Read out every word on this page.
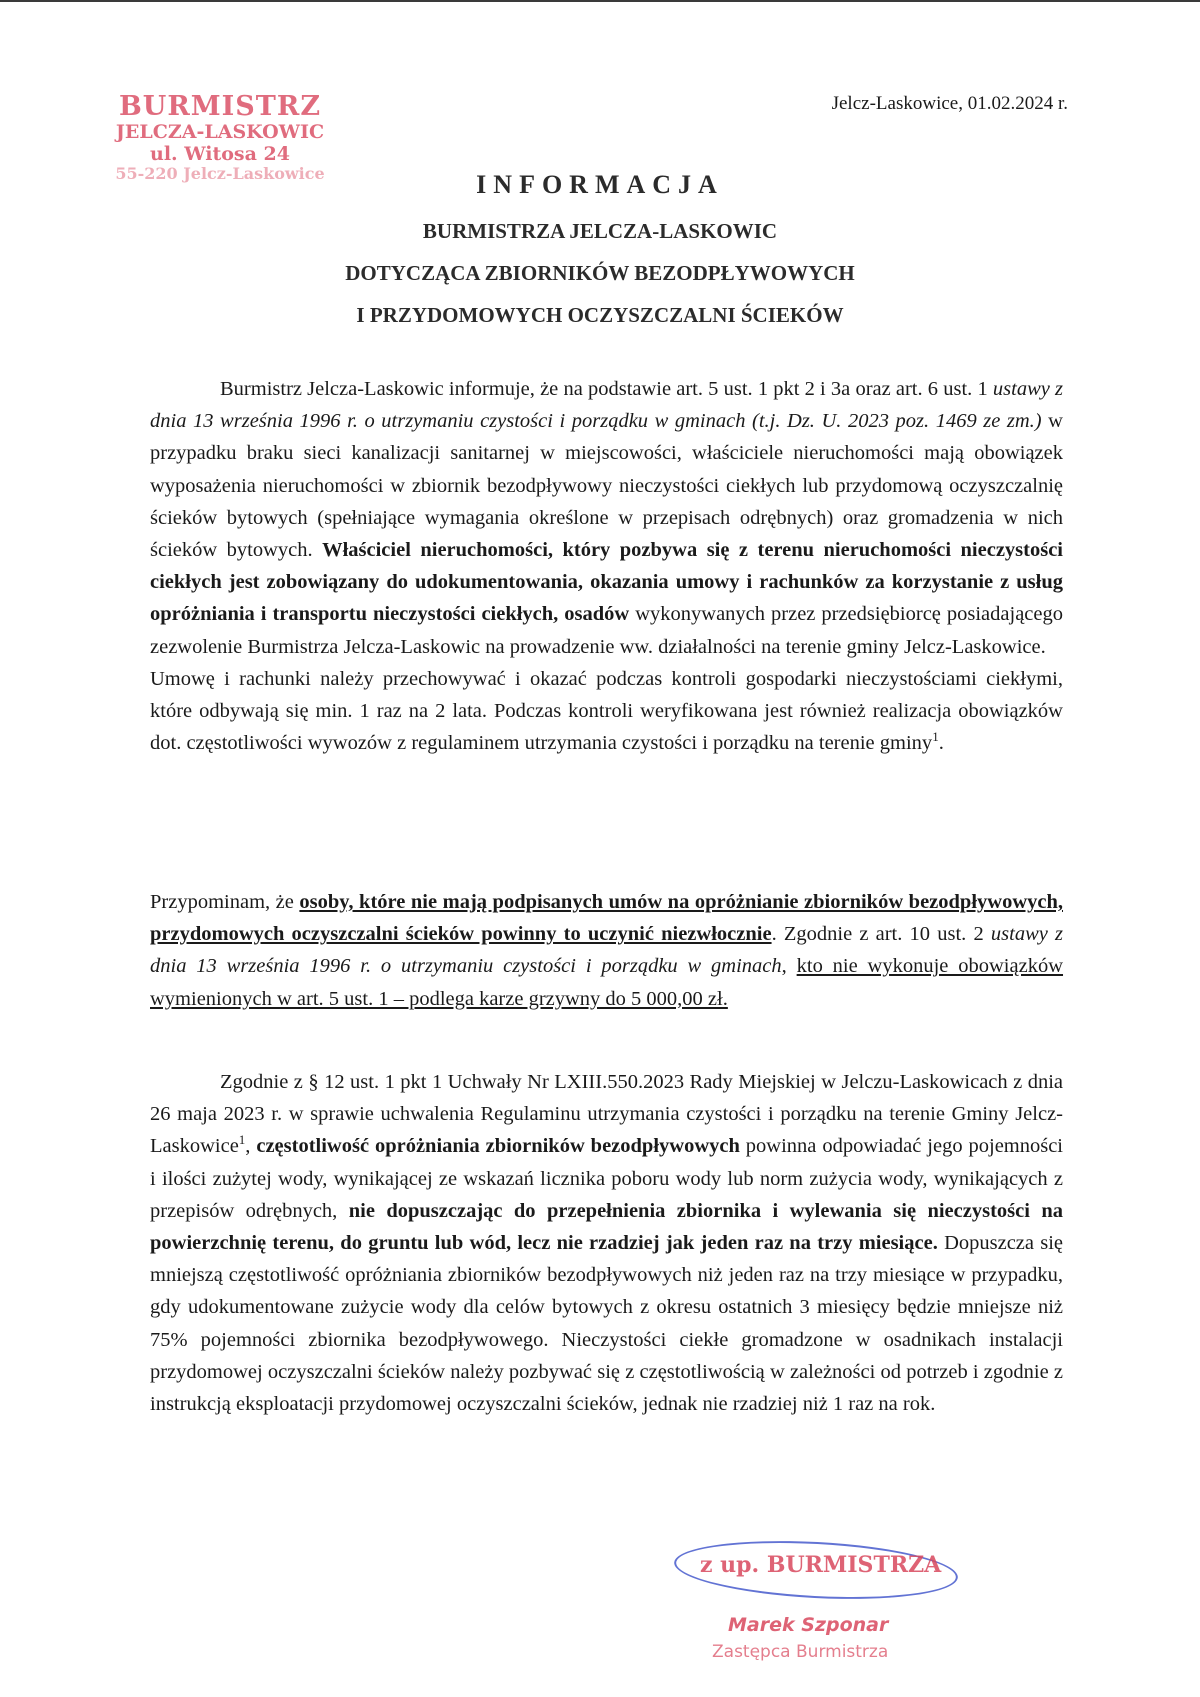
BURMISTRZ
JELCZA-LASKOWIC
ul. Witosa 24
55-220 Jelcz-Laskowice
Jelcz-Laskowice, 01.02.2024 r.
INFORMACJA
BURMISTRZA JELCZA-LASKOWIC
DOTYCZĄCA ZBIORNIKÓW BEZODPŁYWOWYCH
I PRZYDOMOWYCH OCZYSZCZALNI ŚCIEKÓW
Burmistrz Jelcza-Laskowic informuje, że na podstawie art. 5 ust. 1 pkt 2 i 3a oraz art. 6 ust. 1 ustawy z dnia 13 września 1996 r. o utrzymaniu czystości i porządku w gminach (t.j. Dz. U. 2023 poz. 1469 ze zm.) w przypadku braku sieci kanalizacji sanitarnej w miejscowości, właściciele nieruchomości mają obowiązek wyposażenia nieruchomości w zbiornik bezodpływowy nieczystości ciekłych lub przydomową oczyszczalnię ścieków bytowych (spełniające wymagania określone w przepisach odrębnych) oraz gromadzenia w nich ścieków bytowych. Właściciel nieruchomości, który pozbywa się z terenu nieruchomości nieczystości ciekłych jest zobowiązany do udokumentowania, okazania umowy i rachunków za korzystanie z usług opróżniania i transportu nieczystości ciekłych, osadów wykonywanych przez przedsiębiorcę posiadającego zezwolenie Burmistrza Jelcza-Laskowic na prowadzenie ww. działalności na terenie gminy Jelcz-Laskowice.
Umowę i rachunki należy przechowywać i okazać podczas kontroli gospodarki nieczystościami ciekłymi, które odbywają się min. 1 raz na 2 lata. Podczas kontroli weryfikowana jest również realizacja obowiązków dot. częstotliwości wywozów z regulaminem utrzymania czystości i porządku na terenie gminy$^1$.
Przypominam, że osoby, które nie mają podpisanych umów na opróżnianie zbiorników bezodpływowych, przydomowych oczyszczalni ścieków powinny to uczynić niezwłocznie. Zgodnie z art. 10 ust. 2 ustawy z dnia 13 września 1996 r. o utrzymaniu czystości i porządku w gminach, kto nie wykonuje obowiązków wymienionych w art. 5 ust. 1 – podlega karze grzywny do 5 000,00 zł.
Zgodnie z § 12 ust. 1 pkt 1 Uchwały Nr LXIII.550.2023 Rady Miejskiej w Jelczu-Laskowicach z dnia 26 maja 2023 r. w sprawie uchwalenia Regulaminu utrzymania czystości i porządku na terenie Gminy Jelcz-Laskowice$^1$, częstotliwość opróżniania zbiorników bezodpływowych powinna odpowiadać jego pojemności i ilości zużytej wody, wynikającej ze wskazań licznika poboru wody lub norm zużycia wody, wynikających z przepisów odrębnych, nie dopuszczając do przepełnienia zbiornika i wylewania się nieczystości na powierzchnię terenu, do gruntu lub wód, lecz nie rzadziej jak jeden raz na trzy miesiące. Dopuszcza się mniejszą częstotliwość opróżniania zbiorników bezodpływowych niż jeden raz na trzy miesiące w przypadku, gdy udokumentowane zużycie wody dla celów bytowych z okresu ostatnich 3 miesięcy będzie mniejsze niż 75% pojemności zbiornika bezodpływowego. Nieczystości ciekłe gromadzone w osadnikach instalacji przydomowej oczyszczalni ścieków należy pozbywać się z częstotliwością w zależności od potrzeb i zgodnie z instrukcją eksploatacji przydomowej oczyszczalni ścieków, jednak nie rzadziej niż 1 raz na rok.
z up. BURMISTRZA
Marek Szponar
Zastępca Burmistrza
